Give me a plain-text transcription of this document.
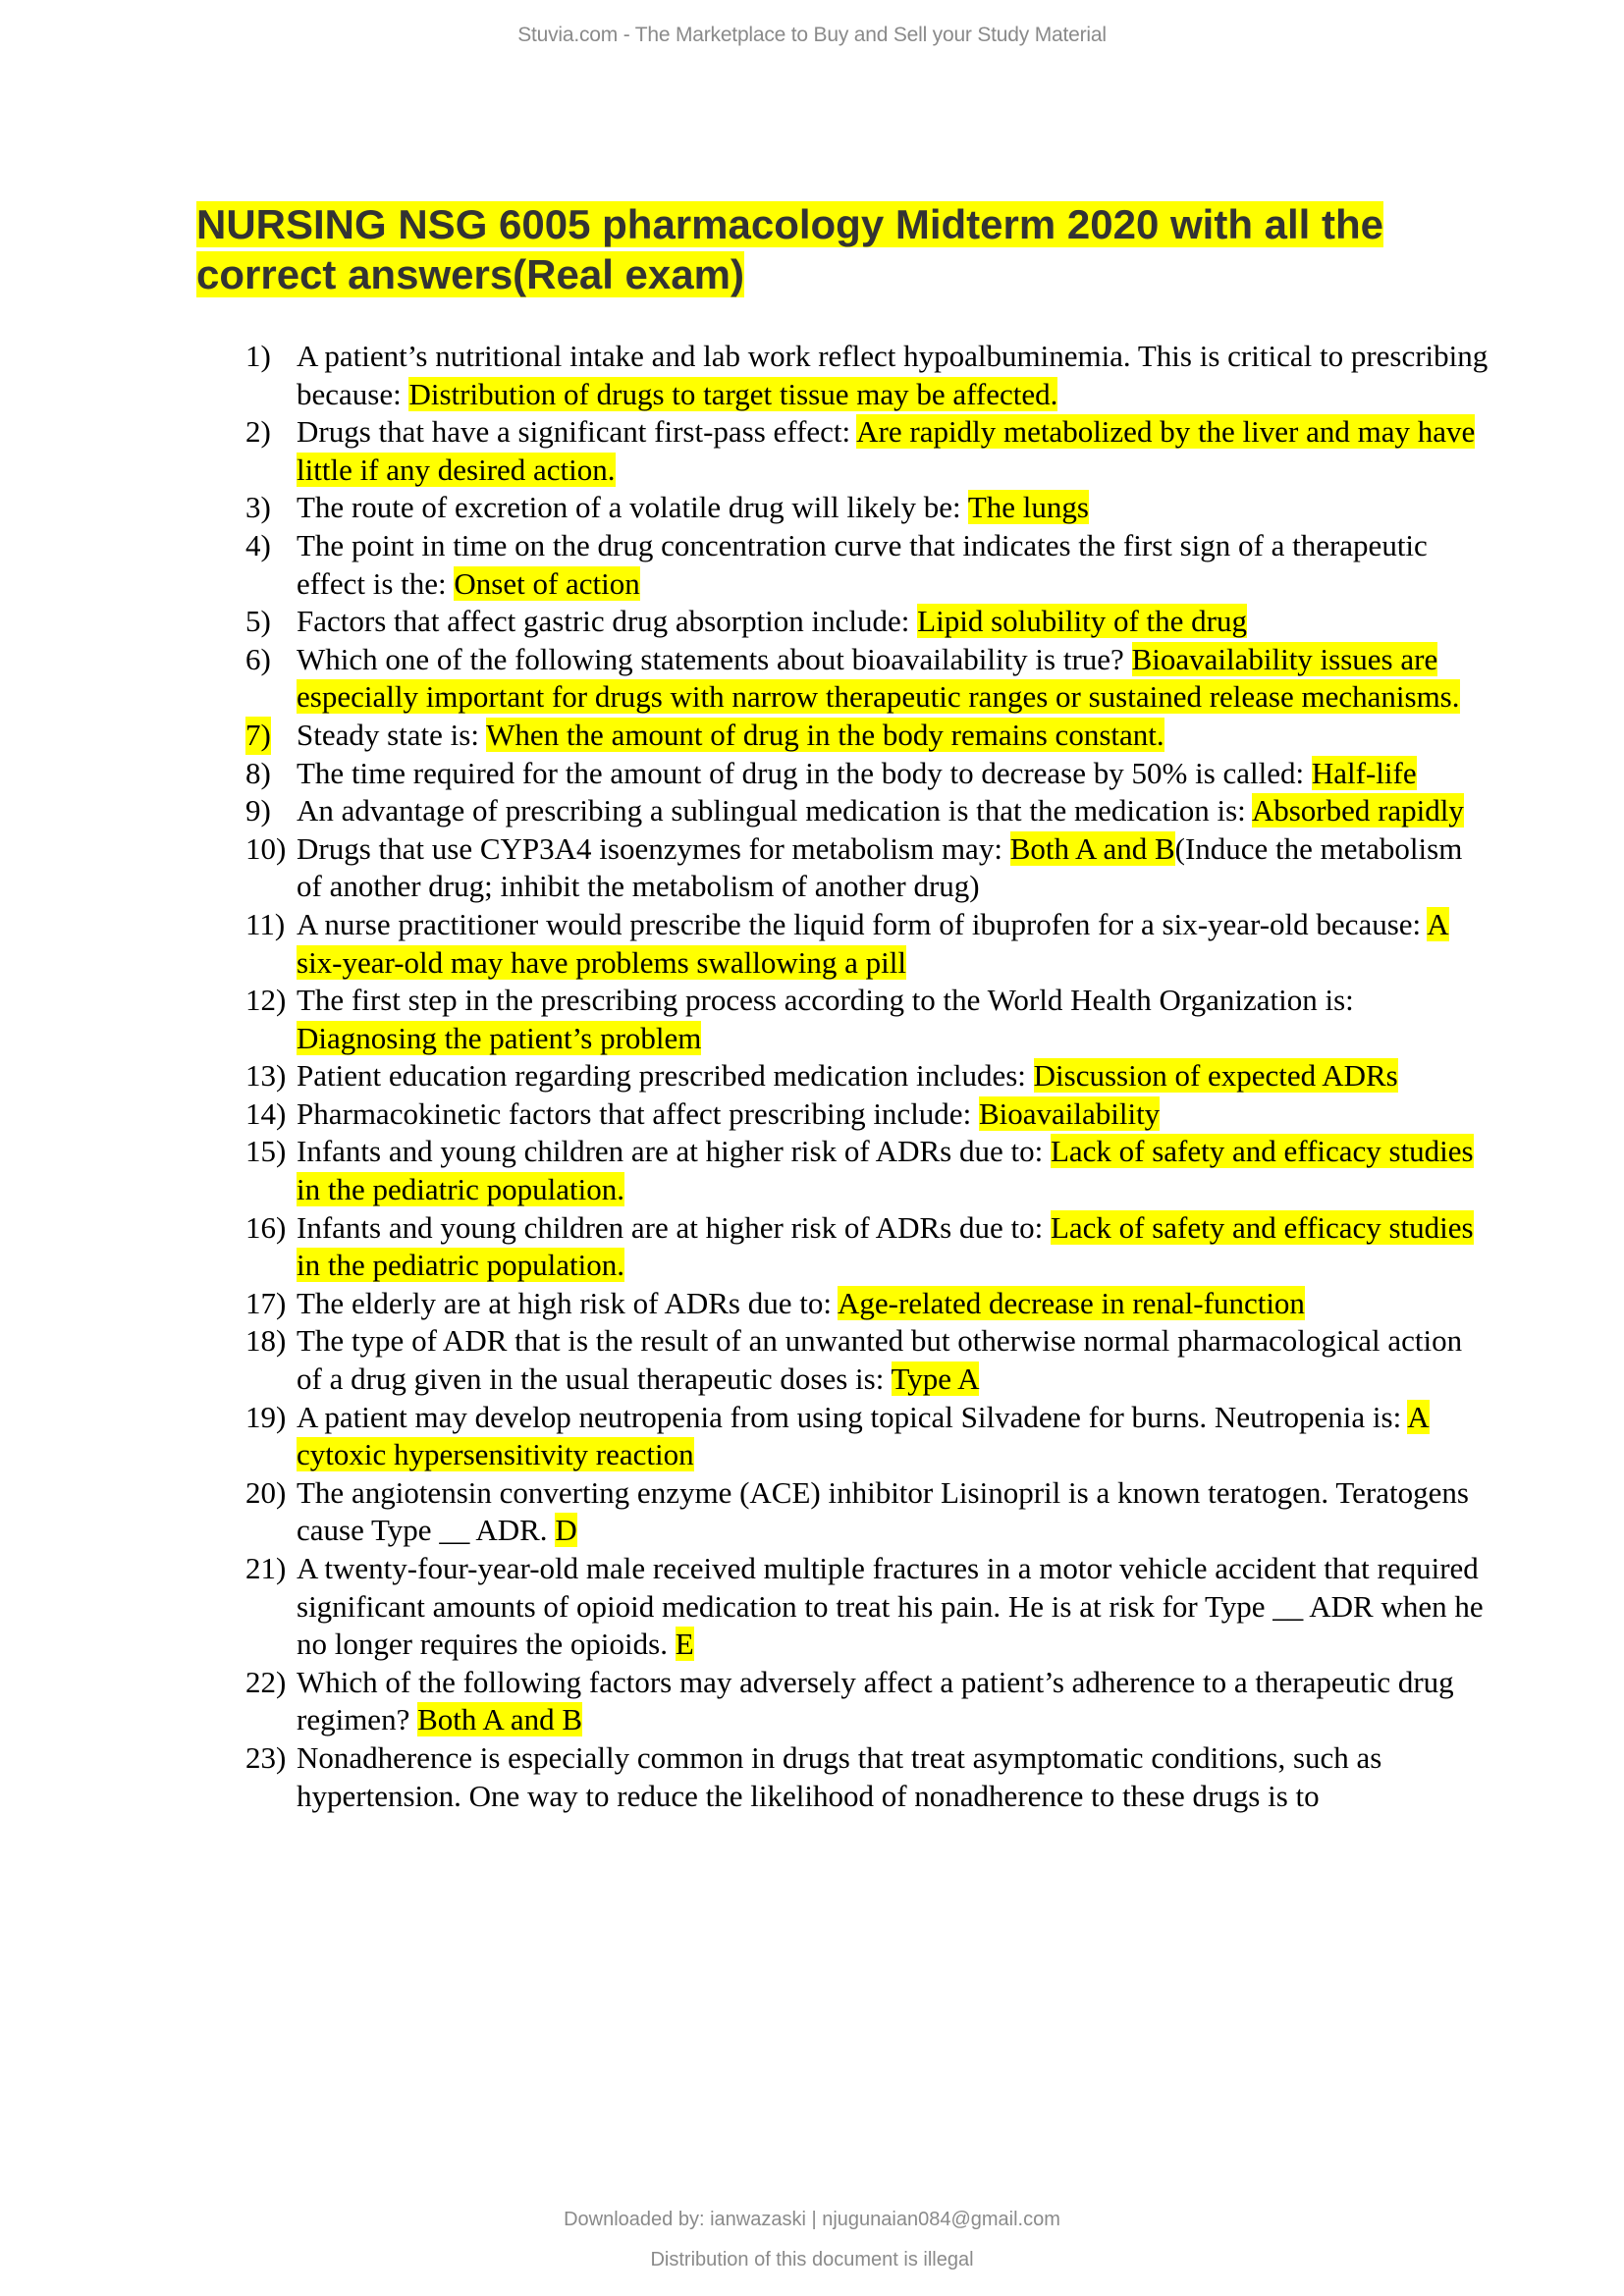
Stuvia.com - The Marketplace to Buy and Sell your Study Material
NURSING NSG 6005 pharmacology Midterm 2020 with all the correct answers(Real exam)
1) A patient’s nutritional intake and lab work reflect hypoalbuminemia. This is critical to prescribing because: Distribution of drugs to target tissue may be affected.
2) Drugs that have a significant first-pass effect: Are rapidly metabolized by the liver and may have little if any desired action.
3) The route of excretion of a volatile drug will likely be: The lungs
4) The point in time on the drug concentration curve that indicates the first sign of a therapeutic effect is the: Onset of action
5) Factors that affect gastric drug absorption include: Lipid solubility of the drug
6) Which one of the following statements about bioavailability is true? Bioavailability issues are especially important for drugs with narrow therapeutic ranges or sustained release mechanisms.
7) Steady state is: When the amount of drug in the body remains constant.
8) The time required for the amount of drug in the body to decrease by 50% is called: Half-life
9) An advantage of prescribing a sublingual medication is that the medication is: Absorbed rapidly
10) Drugs that use CYP3A4 isoenzymes for metabolism may: Both A and B(Induce the metabolism of another drug; inhibit the metabolism of another drug)
11) A nurse practitioner would prescribe the liquid form of ibuprofen for a six-year-old because: A six-year-old may have problems swallowing a pill
12) The first step in the prescribing process according to the World Health Organization is: Diagnosing the patient’s problem
13) Patient education regarding prescribed medication includes: Discussion of expected ADRs
14) Pharmacokinetic factors that affect prescribing include: Bioavailability
15) Infants and young children are at higher risk of ADRs due to: Lack of safety and efficacy studies in the pediatric population.
16) Infants and young children are at higher risk of ADRs due to: Lack of safety and efficacy studies in the pediatric population.
17) The elderly are at high risk of ADRs due to: Age-related decrease in renal-function
18) The type of ADR that is the result of an unwanted but otherwise normal pharmacological action of a drug given in the usual therapeutic doses is: Type A
19) A patient may develop neutropenia from using topical Silvadene for burns. Neutropenia is: A cytoxic hypersensitivity reaction
20) The angiotensin converting enzyme (ACE) inhibitor Lisinopril is a known teratogen. Teratogens cause Type __ ADR. D
21) A twenty-four-year-old male received multiple fractures in a motor vehicle accident that required significant amounts of opioid medication to treat his pain. He is at risk for Type __ ADR when he no longer requires the opioids. E
22) Which of the following factors may adversely affect a patient’s adherence to a therapeutic drug regimen? Both A and B
23) Nonadherence is especially common in drugs that treat asymptomatic conditions, such as hypertension. One way to reduce the likelihood of nonadherence to these drugs is to
Downloaded by: ianwazaski | njugunaian084@gmail.com
Distribution of this document is illegal
